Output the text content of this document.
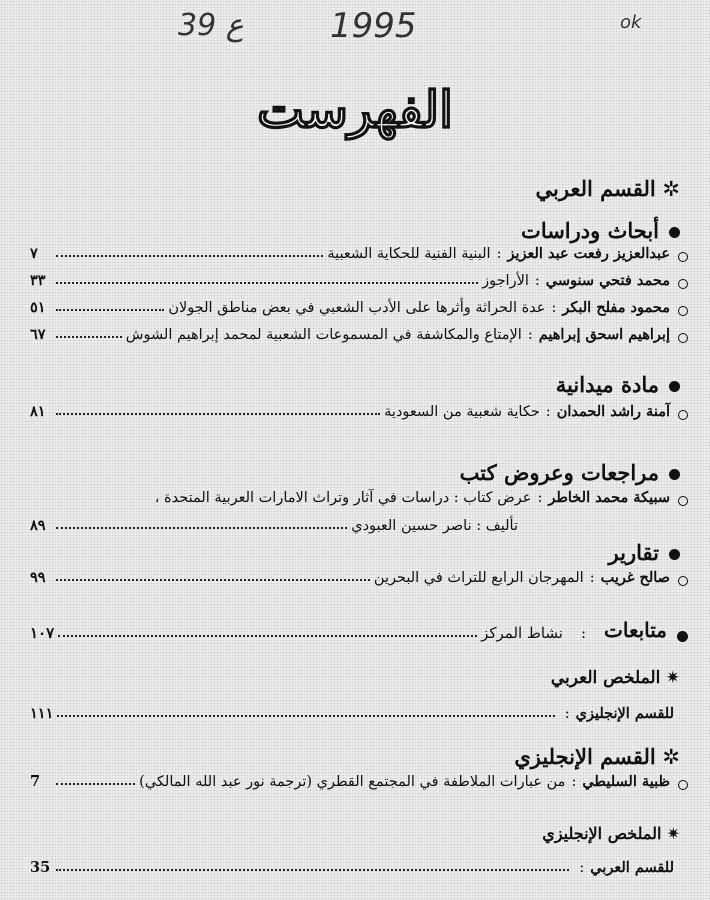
39 ع	1995	ok
الفهرست
✲ القسم العربي
أبحاث ودراسات
عبدالعزيز رفعت عبد العزيز
:
البنية الفنية للحكاية الشعبية
٧
محمد فتحي سنوسي
:
الأراجوز
٣٣
محمود مفلح البكر
:
عدة الحراثة وأثرها على الأدب الشعبي في بعض مناطق الجولان
٥١
إبراهيم اسحق إبراهيم
:
الإمتاع والمكاشفة في المسموعات الشعبية لمحمد إبراهيم الشوش
٦٧
مادة ميدانية
آمنة راشد الحمدان
:
حكاية شعبية من السعودية
٨١
مراجعات وعروض كتب
سبيكة محمد الخاطر
:
عرض كتاب : دراسات في آثار وتراث الامارات العربية المتحدة ،
تأليف : ناصر حسين العبودي
٨٩
تقارير
صالح غريب
:
المهرجان الرابع للتراث في البحرين
٩٩
متابعات
:
نشاط المركز
١٠٧
✷ الملخص العربي
للقسم الإنجليزي
:
١١١
✲ القسم الإنجليزي
ظبية السليطي
:
من عبارات الملاطفة في المجتمع القطري (ترجمة نور عبد الله المالكي)
7
✷ الملخص الإنجليزي
للقسم العربي
:
35
